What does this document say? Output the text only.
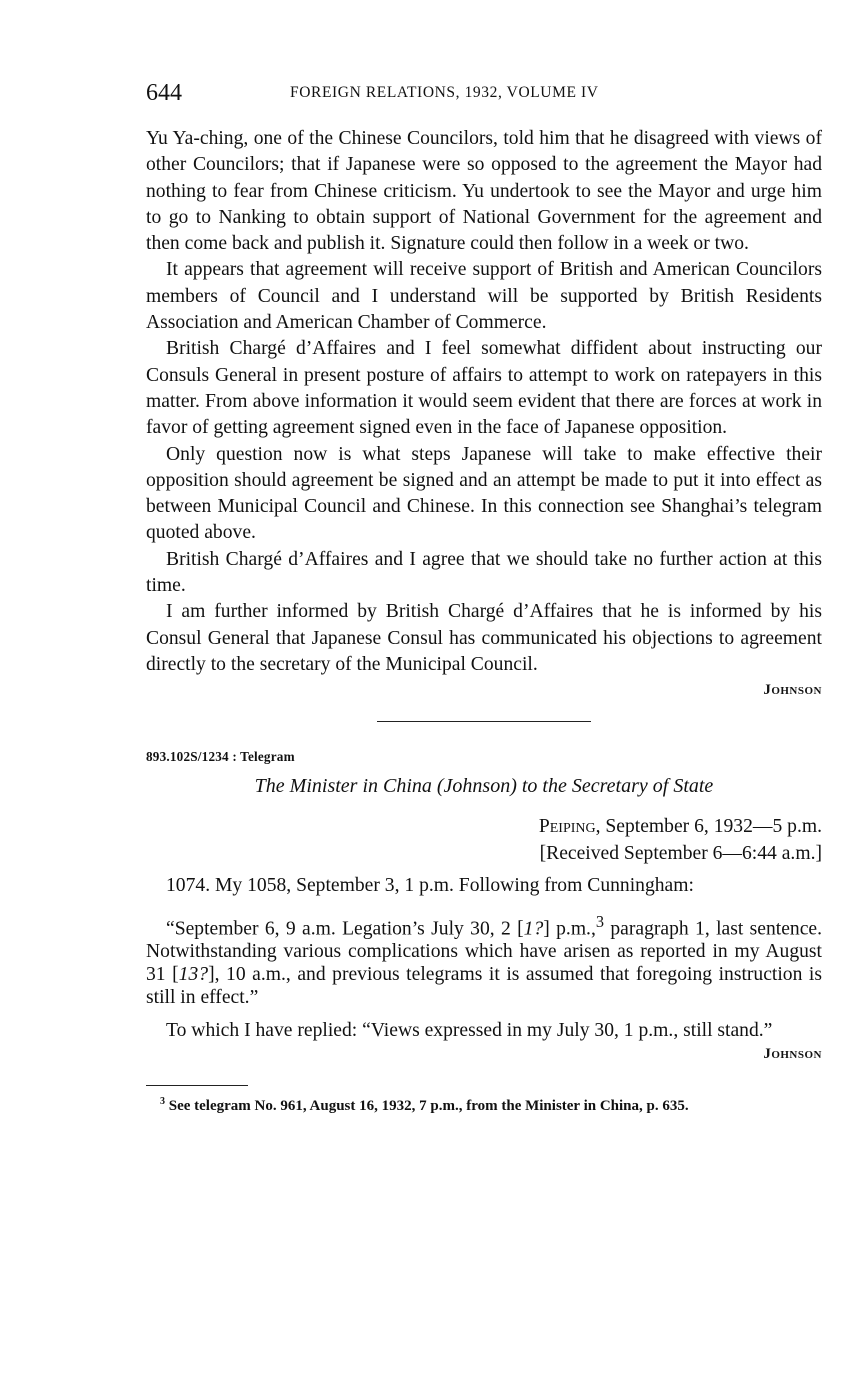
644	FOREIGN RELATIONS, 1932, VOLUME IV

Yu Ya-ching, one of the Chinese Councilors, told him that he disagreed with views of other Councilors; that if Japanese were so opposed to the agreement the Mayor had nothing to fear from Chinese criticism. Yu undertook to see the Mayor and urge him to go to Nanking to obtain support of National Government for the agreement and then come back and publish it. Signature could then follow in a week or two.

It appears that agreement will receive support of British and American Councilors members of Council and I understand will be supported by British Residents Association and American Chamber of Commerce.

British Chargé d’Affaires and I feel somewhat diffident about instructing our Consuls General in present posture of affairs to attempt to work on ratepayers in this matter. From above information it would seem evident that there are forces at work in favor of getting agreement signed even in the face of Japanese opposition.

Only question now is what steps Japanese will take to make effective their opposition should agreement be signed and an attempt be made to put it into effect as between Municipal Council and Chinese. In this connection see Shanghai’s telegram quoted above.

British Chargé d’Affaires and I agree that we should take no further action at this time.

I am further informed by British Chargé d’Affaires that he is informed by his Consul General that Japanese Consul has communicated his objections to agreement directly to the secretary of the Municipal Council.

Johnson
893.102S/1234 : Telegram
The Minister in China (Johnson) to the Secretary of State
Peiping, September 6, 1932—5 p.m.
[Received September 6—6:44 a.m.]

1074. My 1058, September 3, 1 p.m. Following from Cunningham:

“September 6, 9 a.m. Legation’s July 30, 2 [1?] p.m.,$^3$ paragraph 1, last sentence. Notwithstanding various complications which have arisen as reported in my August 31 [13?], 10 a.m., and previous telegrams it is assumed that foregoing instruction is still in effect.”

To which I have replied: “Views expressed in my July 30, 1 p.m., still stand.”

Johnson
$^3$ See telegram No. 961, August 16, 1932, 7 p.m., from the Minister in China, p. 635.
